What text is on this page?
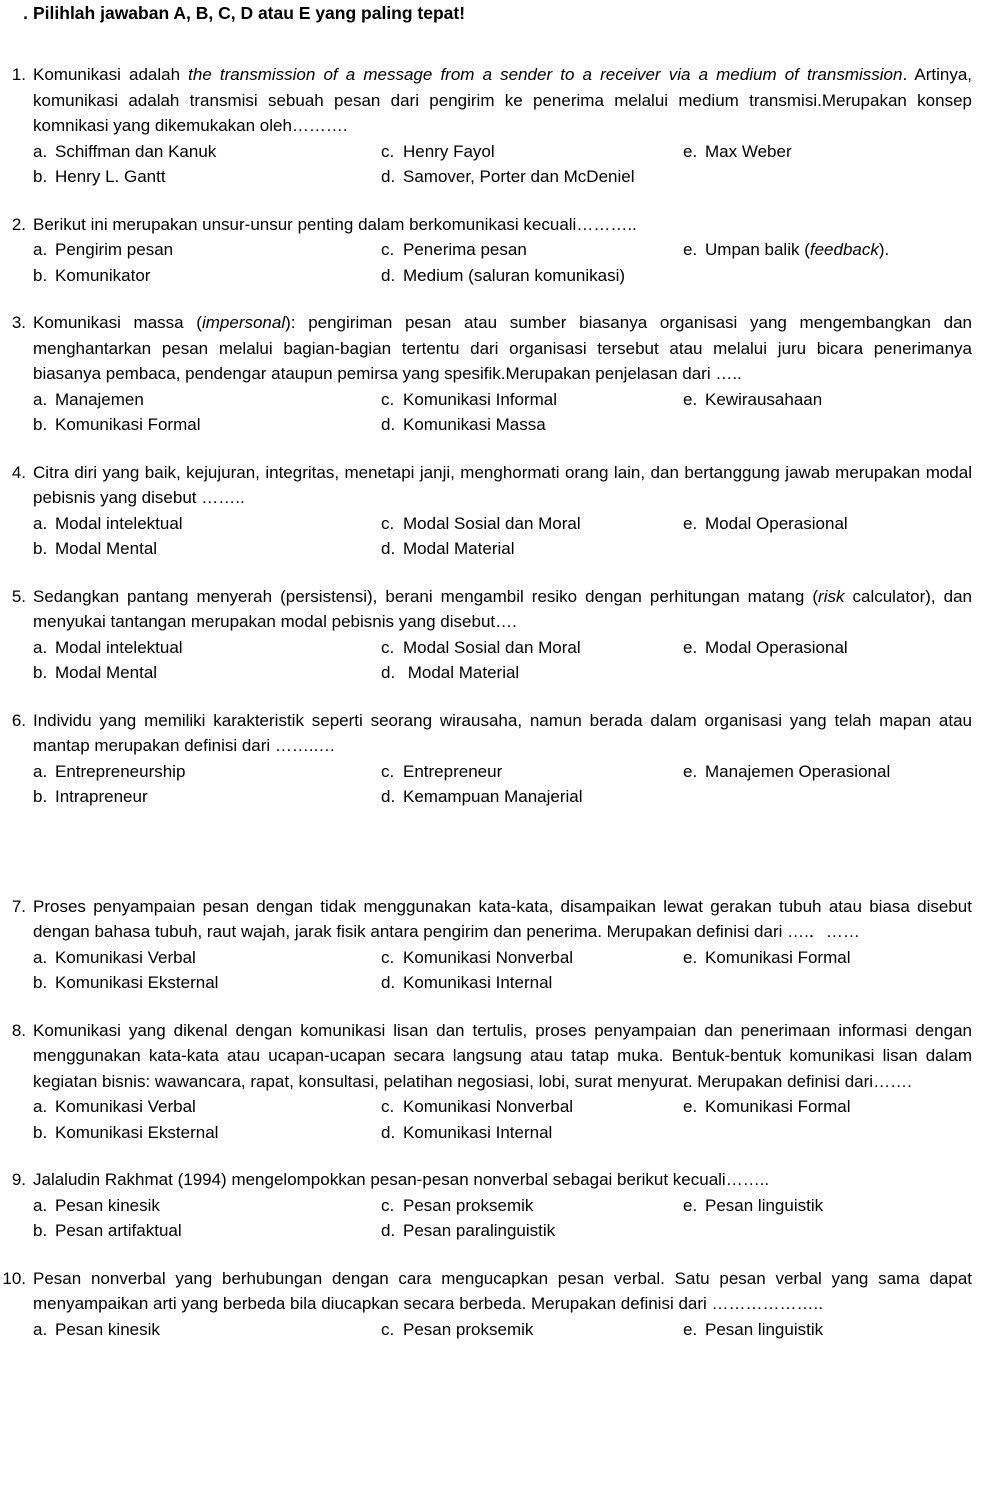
. Pilihlah jawaban A, B, C, D atau E yang paling tepat!
1. Komunikasi adalah the transmission of a message from a sender to a receiver via a medium of transmission. Artinya, komunikasi adalah transmisi sebuah pesan dari pengirim ke penerima melalui medium transmisi.Merupakan konsep komnikasi yang dikemukakan oleh……….
a. Schiffman dan Kanuk	c. Henry Fayol	e. Max Weber
b. Henry L. Gantt	d. Samover, Porter dan McDeniel
2. Berikut ini merupakan unsur-unsur penting dalam berkomunikasi kecuali………..
a. Pengirim pesan	c. Penerima pesan	e. Umpan balik (feedback).
b. Komunikator	d. Medium (saluran komunikasi)
3. Komunikasi massa (impersonal): pengiriman pesan atau sumber biasanya organisasi yang mengembangkan dan menghantarkan pesan melalui bagian-bagian tertentu dari organisasi tersebut atau melalui juru bicara penerimanya biasanya pembaca, pendengar ataupun pemirsa yang spesifik.Merupakan penjelasan dari …..
a. Manajemen	c. Komunikasi Informal	e. Kewirausahaan
b. Komunikasi Formal	d. Komunikasi Massa
4. Citra diri yang baik, kejujuran, integritas, menetapi janji, menghormati orang lain, dan bertanggung jawab merupakan modal pebisnis yang disebut ……..
a. Modal intelektual	c. Modal Sosial dan Moral	e. Modal Operasional
b. Modal Mental	d. Modal Material
5. Sedangkan pantang menyerah (persistensi), berani mengambil resiko dengan perhitungan matang (risk calculator), dan menyukai tantangan merupakan modal pebisnis yang disebut….
a. Modal intelektual	c. Modal Sosial dan Moral	e. Modal Operasional
b. Modal Mental	d. Modal Material
6. Individu yang memiliki karakteristik seperti seorang wirausaha, namun berada dalam organisasi yang telah mapan atau mantap merupakan definisi dari ……..…
a. Entrepreneurship	c. Entrepreneur	e. Manajemen Operasional
b. Intrapreneur	d. Kemampuan Manajerial
7. Proses penyampaian pesan dengan tidak menggunakan kata-kata, disampaikan lewat gerakan tubuh atau biasa disebut dengan bahasa tubuh, raut wajah, jarak fisik antara pengirim dan penerima. Merupakan definisi dari ….．……
a. Komunikasi Verbal	c. Komunikasi Nonverbal	e. Komunikasi Formal
b. Komunikasi Eksternal	d. Komunikasi Internal
8. Komunikasi yang dikenal dengan komunikasi lisan dan tertulis, proses penyampaian dan penerimaan informasi dengan menggunakan kata-kata atau ucapan-ucapan secara langsung atau tatap muka. Bentuk-bentuk komunikasi lisan dalam kegiatan bisnis: wawancara, rapat, konsultasi, pelatihan negosiasi, lobi, surat menyurat. Merupakan definisi dari…….
a. Komunikasi Verbal	c. Komunikasi Nonverbal	e. Komunikasi Formal
b. Komunikasi Eksternal	d. Komunikasi Internal
9. Jalaludin Rakhmat (1994) mengelompokkan pesan-pesan nonverbal sebagai berikut kecuali……..
a. Pesan kinesik	c. Pesan proksemik	e. Pesan linguistik
b. Pesan artifaktual	d. Pesan paralinguistik
10. Pesan nonverbal yang berhubungan dengan cara mengucapkan pesan verbal. Satu pesan verbal yang sama dapat menyampaikan arti yang berbeda bila diucapkan secara berbeda. Merupakan definisi dari ………………..
a. Pesan kinesik	c. Pesan proksemik	e. Pesan linguistik
